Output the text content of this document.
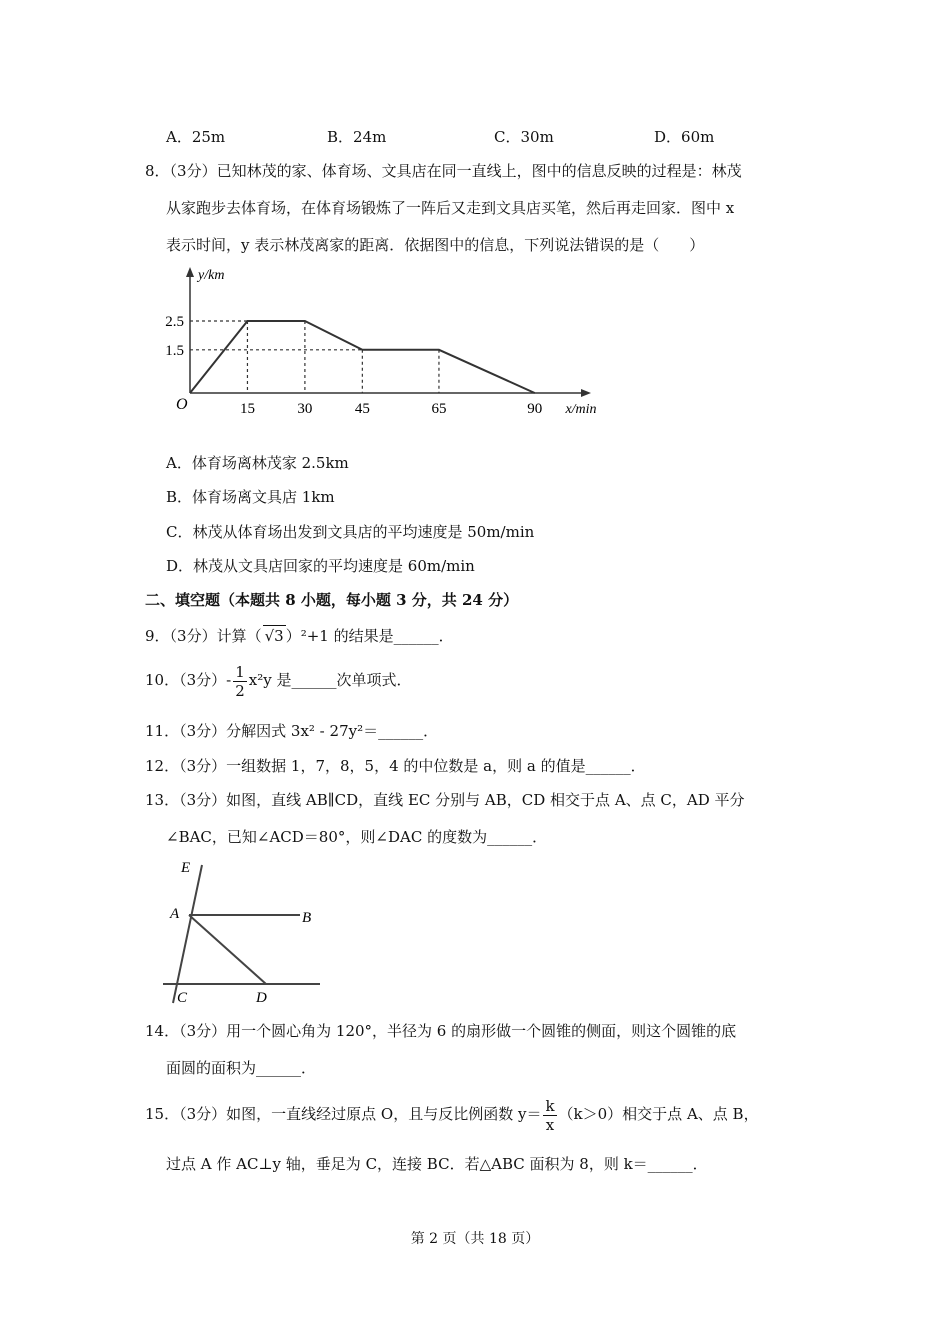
A．25m	B．24m	C．30m	D．60m
8．（3分）已知林茂的家、体育场、文具店在同一直线上，图中的信息反映的过程是：林茂
从家跑步去体育场，在体育场锻炼了一阵后又走到文具店买笔，然后再走回家．图中 x
表示时间，y 表示林茂离家的距离．依据图中的信息，下列说法错误的是（　　）
15	30	45	65	90
2.5
1.5
O	x/min
y/km
A．体育场离林茂家 2.5km
B．体育场离文具店 1km
C．林茂从体育场出发到文具店的平均速度是 50m/min
D．林茂从文具店回家的平均速度是 60m/min
二、填空题（本题共 8 小题，每小题 3 分，共 24 分）
9．（3分）计算（ √3 ）²+1 的结果是______．
10．（3分）- $\frac{1}{2} x^2y$ 是______次单项式．
11．（3分）分解因式 3x² - 27y²＝______．
12．（3分）一组数据 1，7，8，5，4 的中位数是 a，则 a 的值是______．
13．（3分）如图，直线 AB∥CD，直线 EC 分别与 AB，CD 相交于点 A、点 C，AD 平分
∠BAC，已知∠ACD＝80°，则∠DAC 的度数为______．
E
A	B
C	D
14．（3分）用一个圆心角为 120°，半径为 6 的扇形做一个圆锥的侧面，则这个圆锥的底
面圆的面积为______．
15．（3分）如图，一直线经过原点 O，且与反比例函数 $y= \frac{k}{x} (k>0)$相交于点 A、点 B，
过点 A 作 AC⊥y 轴，垂足为 C，连接 BC．若△ABC 面积为 8，则 k＝______．
第 2 页（共 18 页）
